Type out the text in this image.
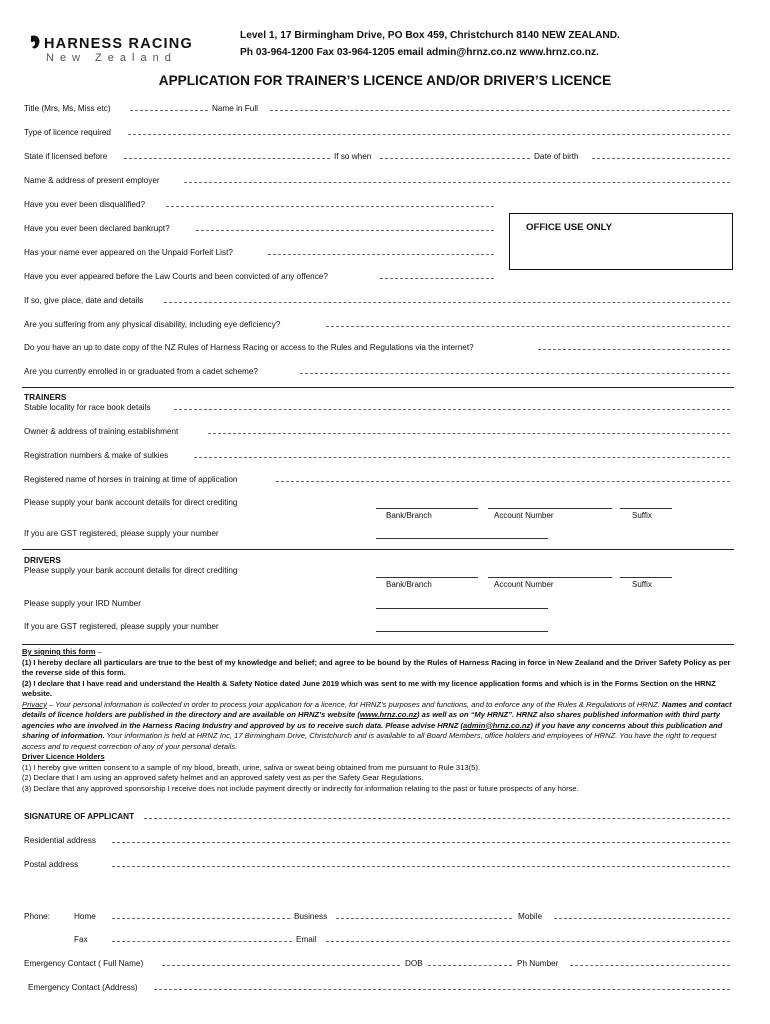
HARNESS RACING
New Zealand
Level 1, 17 Birmingham Drive, PO Box 459, Christchurch 8140 NEW ZEALAND.
Ph 03-964-1200 Fax 03-964-1205 email admin@hrnz.co.nz www.hrnz.co.nz.
APPLICATION FOR TRAINER’S LICENCE AND/OR DRIVER’S LICENCE
Title (Mrs, Ms, Miss etc)	Name in Full
Type of licence required
State if licensed before	If so when	Date of birth
Name & address of present employer
Have you ever been disqualified?
OFFICE USE ONLY
Have you ever been declared bankrupt?
Has your name ever appeared on the Unpaid Forfeit List?
Have you ever appeared before the Law Courts and been convicted of any offence?
If so, give place, date and details
Are you suffering from any physical disability, including eye deficiency?
Do you have an up to date copy of the NZ Rules of Harness Racing or access to the Rules and Regulations via the internet?
Are you currently enrolled in or graduated from a cadet scheme?
TRAINERS
Stable locality for race book details
Owner & address of training establishment
Registration numbers & make of sulkies
Registered name of horses in training at time of application
Please supply your bank account details for direct crediting
Bank/Branch	Account Number	Suffix
If you are GST registered, please supply your number
DRIVERS
Please supply your bank account details for direct crediting
Bank/Branch	Account Number	Suffix
Please supply your IRD Number
If you are GST registered, please supply your number
By signing this form –
(1) I hereby declare all particulars are true to the best of my knowledge and belief; and agree to be bound by the Rules of Harness Racing in force in New Zealand and the Driver Safety Policy as per the reverse side of this form.
(2) I declare that I have read and understand the Health & Safety Notice dated June 2019 which was sent to me with my licence application forms and which is in the Forms Section on the HRNZ website.
Privacy – Your personal information is collected in order to process your application for a licence, for HRNZ’s purposes and functions, and to enforce any of the Rules & Regulations of HRNZ. Names and contact details of licence holders are published in the directory and are available on HRNZ’s website (www.hrnz.co.nz) as well as on “My HRNZ”. HRNZ also shares published information with third party agencies who are involved in the Harness Racing Industry and approved by us to receive such data. Please advise HRNZ (admin@hrnz.co.nz) if you have any concerns about this publication and sharing of information. Your information is held at HRNZ Inc, 17 Birmingham Drive, Christchurch and is available to all Board Members, office holders and employees of HRNZ. You have the right to request access and to request correction of any of your personal details.
Driver Licence Holders
(1) I hereby give written consent to a sample of my blood, breath, urine, saliva or sweat being obtained from me pursuant to Rule 313(5).
(2) Declare that I am using an approved safety helmet and an approved safety vest as per the Safety Gear Regulations.
(3) Declare that any approved sponsorship I receive does not include payment directly or indirectly for information relating to the past or future prospects of any horse.
SIGNATURE OF APPLICANT
Residential address
Postal address
Phone:	Home	Business	Mobile
Fax	Email
Emergency Contact ( Full Name)	DOB	Ph Number
Emergency Contact (Address)
